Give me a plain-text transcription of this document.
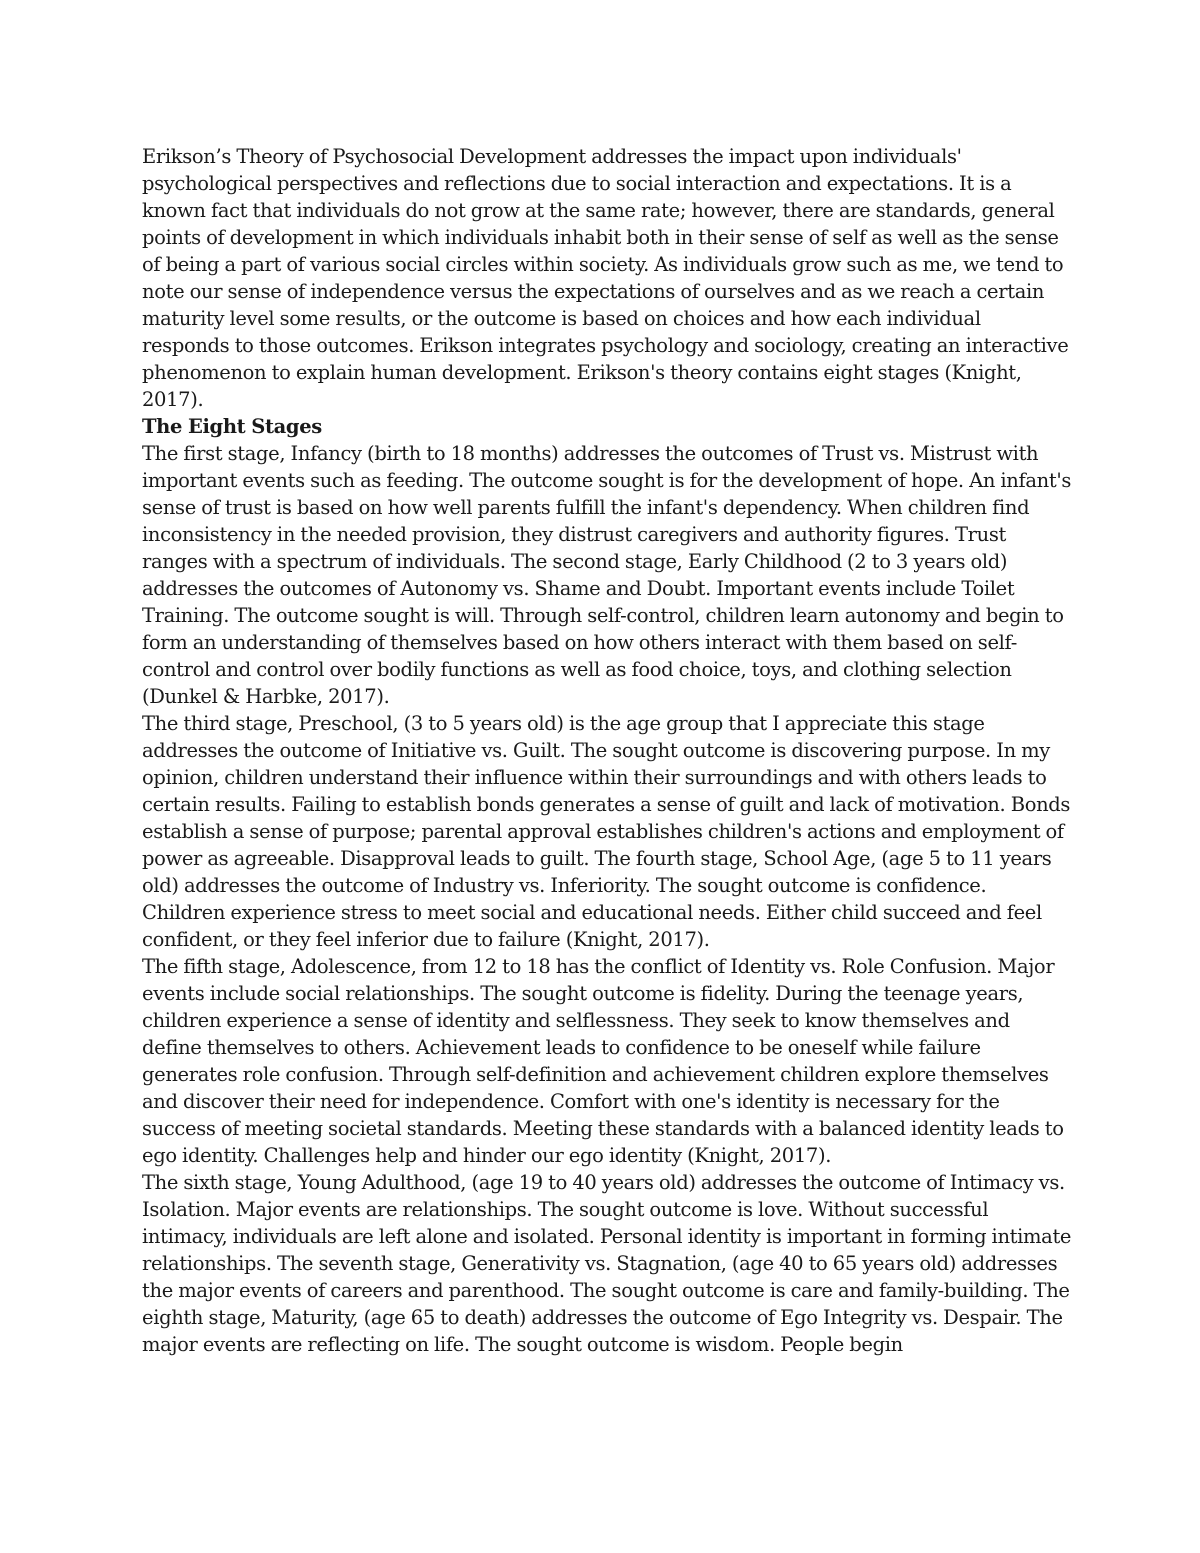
Erikson’s Theory of Psychosocial Development addresses the impact upon individuals' psychological perspectives and reflections due to social interaction and expectations. It is a known fact that individuals do not grow at the same rate; however, there are standards, general points of development in which individuals inhabit both in their sense of self as well as the sense of being a part of various social circles within society. As individuals grow such as me, we tend to note our sense of independence versus the expectations of ourselves and as we reach a certain maturity level some results, or the outcome is based on choices and how each individual responds to those outcomes. Erikson integrates psychology and sociology, creating an interactive phenomenon to explain human development. Erikson's theory contains eight stages (Knight, 2017).

The Eight Stages

The first stage, Infancy (birth to 18 months) addresses the outcomes of Trust vs. Mistrust with important events such as feeding. The outcome sought is for the development of hope. An infant's sense of trust is based on how well parents fulfill the infant's dependency. When children find inconsistency in the needed provision, they distrust caregivers and authority figures. Trust ranges with a spectrum of individuals. The second stage, Early Childhood (2 to 3 years old) addresses the outcomes of Autonomy vs. Shame and Doubt. Important events include Toilet Training. The outcome sought is will. Through self-control, children learn autonomy and begin to form an understanding of themselves based on how others interact with them based on self-control and control over bodily functions as well as food choice, toys, and clothing selection (Dunkel & Harbke, 2017).

The third stage, Preschool, (3 to 5 years old) is the age group that I appreciate this stage addresses the outcome of Initiative vs. Guilt. The sought outcome is discovering purpose. In my opinion, children understand their influence within their surroundings and with others leads to certain results. Failing to establish bonds generates a sense of guilt and lack of motivation. Bonds establish a sense of purpose; parental approval establishes children's actions and employment of power as agreeable. Disapproval leads to guilt. The fourth stage, School Age, (age 5 to 11 years old) addresses the outcome of Industry vs. Inferiority. The sought outcome is confidence. Children experience stress to meet social and educational needs. Either child succeed and feel confident, or they feel inferior due to failure (Knight, 2017).

The fifth stage, Adolescence, from 12 to 18 has the conflict of Identity vs. Role Confusion. Major events include social relationships. The sought outcome is fidelity. During the teenage years, children experience a sense of identity and selflessness. They seek to know themselves and define themselves to others. Achievement leads to confidence to be oneself while failure generates role confusion. Through self-definition and achievement children explore themselves and discover their need for independence. Comfort with one's identity is necessary for the success of meeting societal standards. Meeting these standards with a balanced identity leads to ego identity. Challenges help and hinder our ego identity (Knight, 2017).

The sixth stage, Young Adulthood, (age 19 to 40 years old) addresses the outcome of Intimacy vs. Isolation. Major events are relationships. The sought outcome is love. Without successful intimacy, individuals are left alone and isolated. Personal identity is important in forming intimate relationships. The seventh stage, Generativity vs. Stagnation, (age 40 to 65 years old) addresses the major events of careers and parenthood. The sought outcome is care and family-building. The eighth stage, Maturity, (age 65 to death) addresses the outcome of Ego Integrity vs. Despair. The major events are reflecting on life. The sought outcome is wisdom. People begin
